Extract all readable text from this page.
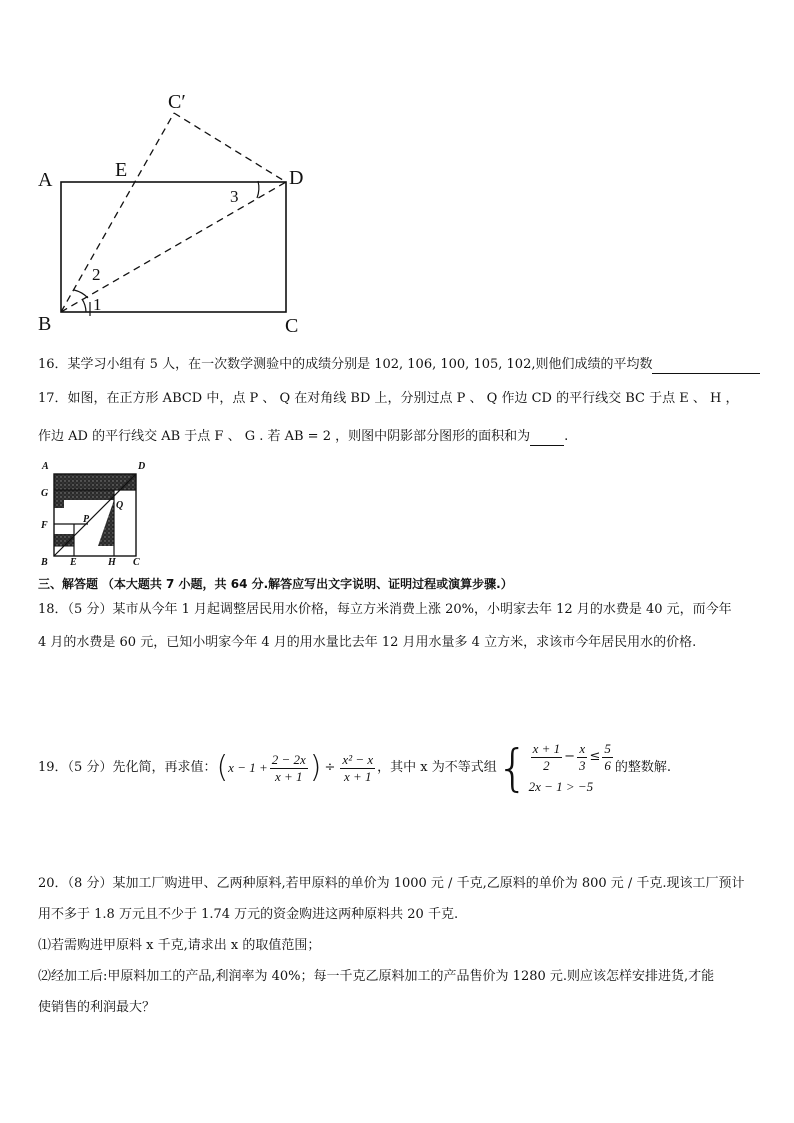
A
B	C
D
E
C′
1
2
3
16．某学习小组有 5 人，在一次数学测验中的成绩分别是 102, 106, 100, 105, 102,则他们成绩的平均数
17．如图，在正方形 ABCD 中，点 P 、 Q 在对角线 BD 上，分别过点 P 、 Q 作边 CD 的平行线交 BC 于点 E 、 H ，
作边 AD 的平行线交 AB 于点 F 、 G . 若 AB = 2 ，则图中阴影部分图形的面积和为	.
A	D
G
F
B E	H C
P
Q
三、解答题 （本大题共 7 小题，共 64 分.解答应写出文字说明、证明过程或演算步骤.）
18．（5 分）某市从今年 1 月起调整居民用水价格，每立方米消费上涨 20%，小明家去年 12 月的水费是 40 元，而今年
4 月的水费是 60 元，已知小明家今年 4 月的用水量比去年 12 月用水量多 4 立方米，求该市今年居民用水的价格.
19．（5 分）先化简，再求值： ( $x - 1 + \frac{2 - 2x}{x + 1}$ ) ÷ $\frac{\text{x² − x}}{x + 1}$ ，其中 x 为不等式组 { $\frac{x + 1}{2} - \frac{x}{3} \le \frac{5}{6}$
2x − 1 > −5
的整数解.
20．（8 分）某加工厂购进甲、乙两种原料,若甲原料的单价为 1000 元 / 千克,乙原料的单价为 800 元 / 千克.现该工厂预计
用不多于 1.8 万元且不少于 1.74 万元的资金购进这两种原料共 20 千克.
⑴若需购进甲原料 x 千克,请求出 x 的取值范围；
⑵经加工后:甲原料加工的产品,利润率为 40%；每一千克乙原料加工的产品售价为 1280 元.则应该怎样安排进货,才能
使销售的利润最大？
